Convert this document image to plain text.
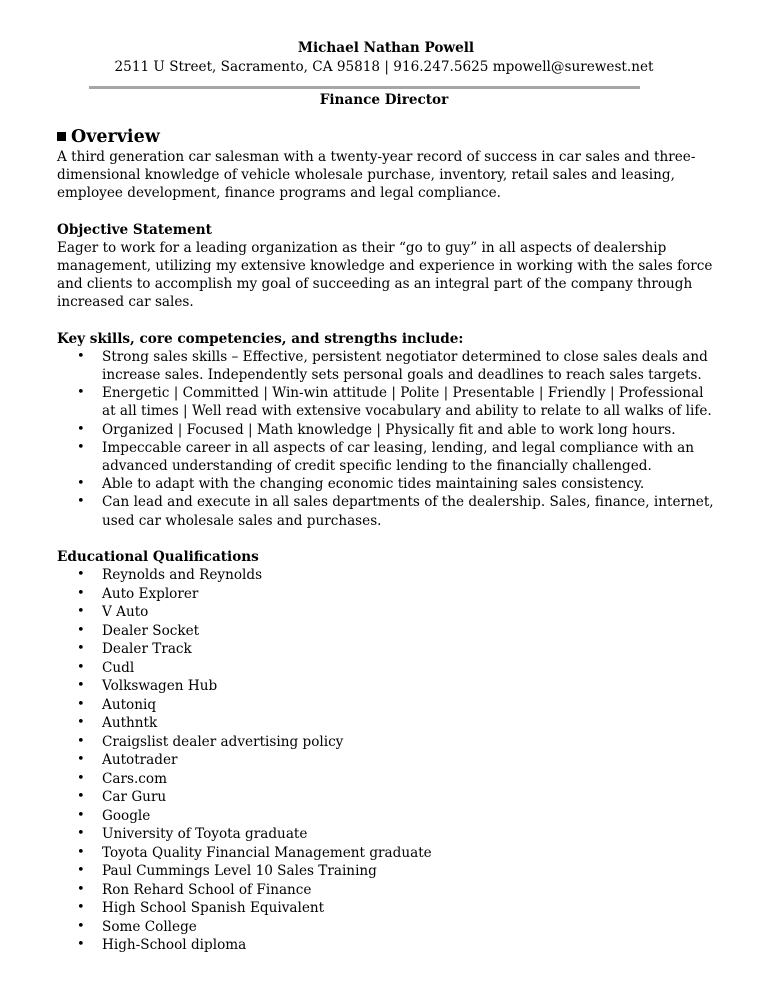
Michael Nathan Powell
2511 U Street, Sacramento, CA 95818 | 916.247.5625 mpowell@surewest.net
Finance Director
Overview

A third generation car salesman with a twenty-year record of success in car sales and three-dimensional knowledge of vehicle wholesale purchase, inventory, retail sales and leasing, employee development, finance programs and legal compliance.

Objective Statement

Eager to work for a leading organization as their “go to guy” in all aspects of dealership management, utilizing my extensive knowledge and experience in working with the sales force and clients to accomplish my goal of succeeding as an integral part of the company through increased car sales.

Key skills, core competencies, and strengths include:
• Strong sales skills – Effective, persistent negotiator determined to close sales deals and increase sales. Independently sets personal goals and deadlines to reach sales targets.
• Energetic | Committed | Win-win attitude | Polite | Presentable | Friendly | Professional at all times | Well read with extensive vocabulary and ability to relate to all walks of life.
• Organized | Focused | Math knowledge | Physically fit and able to work long hours.
• Impeccable career in all aspects of car leasing, lending, and legal compliance with an advanced understanding of credit specific lending to the financially challenged.
• Able to adapt with the changing economic tides maintaining sales consistency.
• Can lead and execute in all sales departments of the dealership. Sales, finance, internet, used car wholesale sales and purchases.
Educational Qualifications
• Reynolds and Reynolds
• Auto Explorer
• V Auto
• Dealer Socket
• Dealer Track
• Cudl
• Volkswagen Hub
• Autoniq
• Authntk
• Craigslist dealer advertising policy
• Autotrader
• Cars.com
• Car Guru
• Google
• University of Toyota graduate
• Toyota Quality Financial Management graduate
• Paul Cummings Level 10 Sales Training
• Ron Rehard School of Finance
• High School Spanish Equivalent
• Some College
• High-School diploma
